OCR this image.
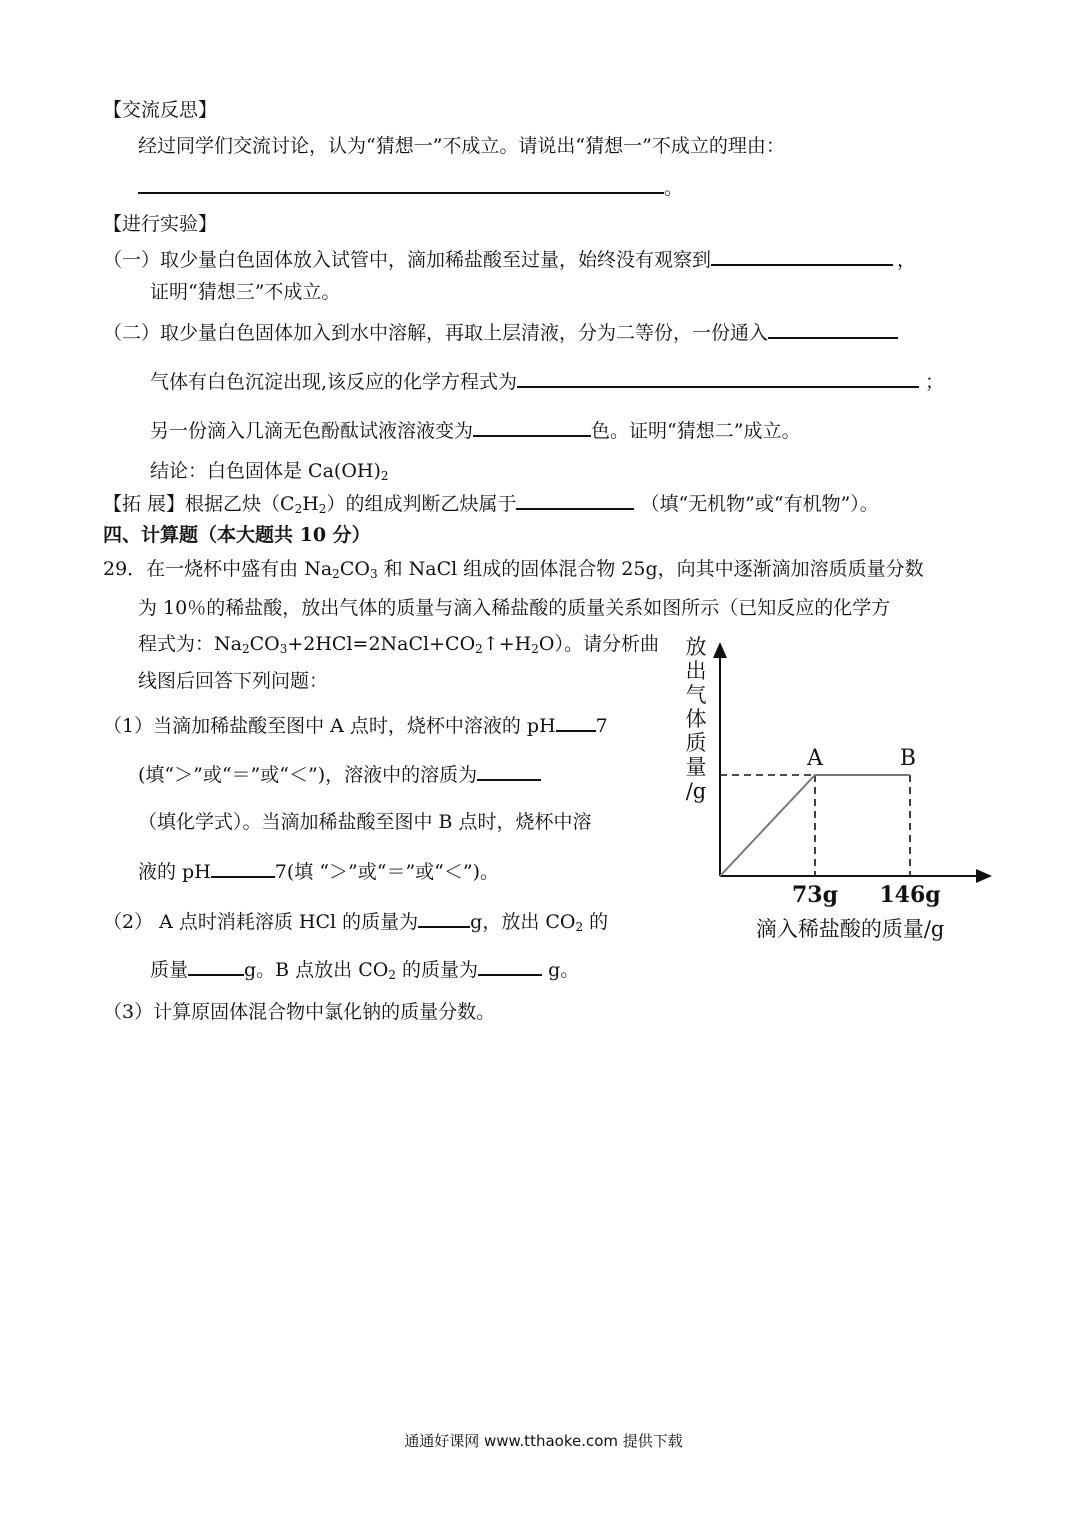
【交流反思】
经过同学们交流讨论，认为“猜想一”不成立。请说出“猜想一”不成立的理由：
。
【进行实验】
（一）取少量白色固体放入试管中，滴加稀盐酸至过量，始终没有观察到	，
证明“猜想三”不成立。
（二）取少量白色固体加入到水中溶解，再取上层清液，分为二等份，一份通入
气体有白色沉淀出现,该反应的化学方程式为	；
另一份滴入几滴无色酚酞试液溶液变为	色。证明“猜想二”成立。
结论：白色固体是 $Ca(OH)_2$
【拓 展】根据乙炔$(C_2H_2)$的组成判断乙炔属于	（填“无机物”或“有机物”）。
四、计算题（本大题共 10 分）
29．在一烧杯中盛有由 $Na_2CO_3$ 和 NaCl 组成的固体混合物 25g，向其中逐渐滴加溶质质量分数
为 10％的稀盐酸，放出气体的质量与滴入稀盐酸的质量关系如图所示（已知反应的化学方
程式为：$Na_2CO_3+2HCl=2NaCl+CO_2↑+H_2O$）。请分析曲
线图后回答下列问题：
（1）当滴加稀盐酸至图中 A 点时，烧杯中溶液的 pH 7
(填“＞”或“＝”或“＜”)，溶液中的溶质为
（填化学式）。当滴加稀盐酸至图中 B 点时，烧杯中溶
液的 pH	7(填 “＞”或“＝”或“＜”)。
（2） A 点时消耗溶质 HCl 的质量为	g，放出 $CO_2$ 的
质量	g。B 点放出 $CO_2$ 的质量为	g。
（3）计算原固体混合物中氯化钠的质量分数。
放
出
气
体
质
量
/g
A	B
73g 146g
滴入稀盐酸的质量/g
通通好课网 www.tthaoke.com 提供下载
